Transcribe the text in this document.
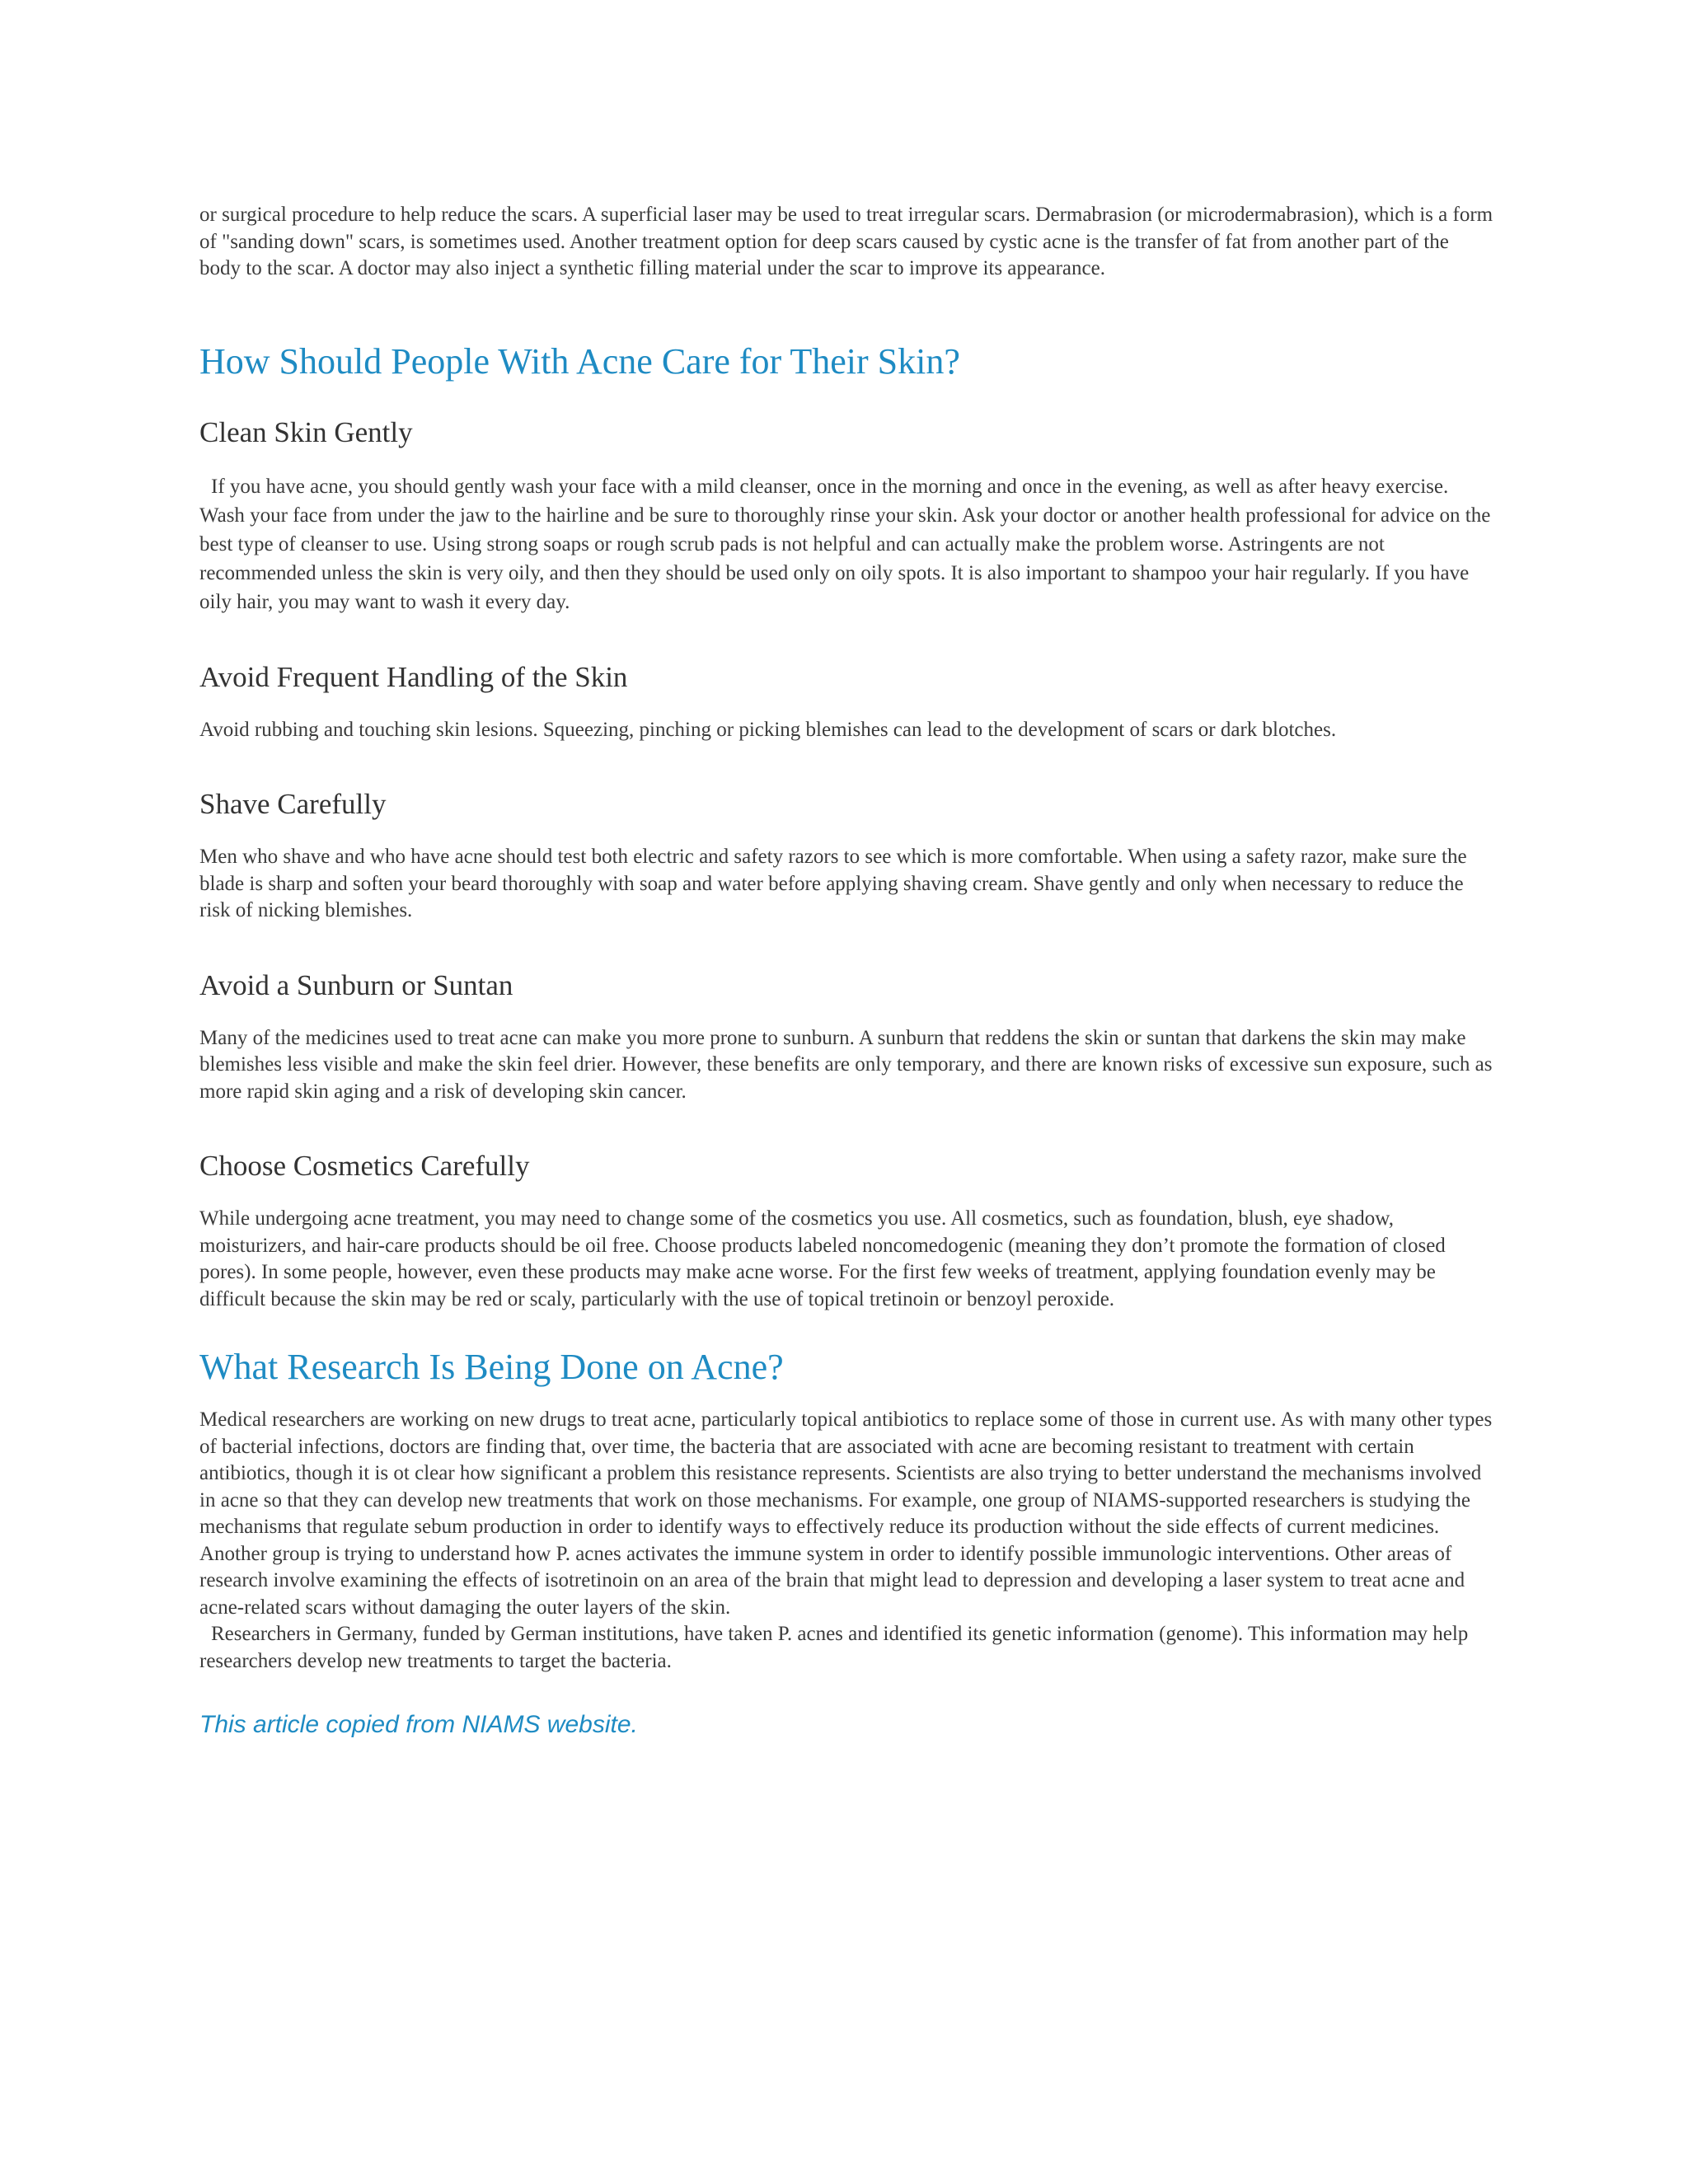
or surgical procedure to help reduce the scars. A superficial laser may be used to treat irregular scars. Dermabrasion (or microdermabrasion), which is a form of "sanding down" scars, is sometimes used. Another treatment option for deep scars caused by cystic acne is the transfer of fat from another part of the body to the scar. A doctor may also inject a synthetic filling material under the scar to improve its appearance.

How Should People With Acne Care for Their Skin?
Clean Skin Gently

If you have acne, you should gently wash your face with a mild cleanser, once in the morning and once in the evening, as well as after heavy exercise. Wash your face from under the jaw to the hairline and be sure to thoroughly rinse your skin. Ask your doctor or another health professional for advice on the best type of cleanser to use. Using strong soaps or rough scrub pads is not helpful and can actually make the problem worse. Astringents are not recommended unless the skin is very oily, and then they should be used only on oily spots. It is also important to shampoo your hair regularly. If you have oily hair, you may want to wash it every day.

Avoid Frequent Handling of the Skin

Avoid rubbing and touching skin lesions. Squeezing, pinching or picking blemishes can lead to the development of scars or dark blotches.

Shave Carefully

Men who shave and who have acne should test both electric and safety razors to see which is more comfortable. When using a safety razor, make sure the blade is sharp and soften your beard thoroughly with soap and water before applying shaving cream. Shave gently and only when necessary to reduce the risk of nicking blemishes.

Avoid a Sunburn or Suntan

Many of the medicines used to treat acne can make you more prone to sunburn. A sunburn that reddens the skin or suntan that darkens the skin may make blemishes less visible and make the skin feel drier. However, these benefits are only temporary, and there are known risks of excessive sun exposure, such as more rapid skin aging and a risk of developing skin cancer.

Choose Cosmetics Carefully

While undergoing acne treatment, you may need to change some of the cosmetics you use. All cosmetics, such as foundation, blush, eye shadow, moisturizers, and hair-care products should be oil free. Choose products labeled noncomedogenic (meaning they don’t promote the formation of closed pores). In some people, however, even these products may make acne worse. For the first few weeks of treatment, applying foundation evenly may be difficult because the skin may be red or scaly, particularly with the use of topical tretinoin or benzoyl peroxide.

What Research Is Being Done on Acne?

Medical researchers are working on new drugs to treat acne, particularly topical antibiotics to replace some of those in current use. As with many other types of bacterial infections, doctors are finding that, over time, the bacteria that are associated with acne are becoming resistant to treatment with certain antibiotics, though it is ot clear how significant a problem this resistance represents. Scientists are also trying to better understand the mechanisms involved in acne so that they can develop new treatments that work on those mechanisms. For example, one group of NIAMS-supported researchers is studying the mechanisms that regulate sebum production in order to identify ways to effectively reduce its production without the side effects of current medicines. Another group is trying to understand how P. acnes activates the immune system in order to identify possible immunologic interventions. Other areas of research involve examining the effects of isotretinoin on an area of the brain that might lead to depression and developing a laser system to treat acne and acne-related scars without damaging the outer layers of the skin.

Researchers in Germany, funded by German institutions, have taken P. acnes and identified its genetic information (genome). This information may help researchers develop new treatments to target the bacteria.

This article copied from NIAMS website.
